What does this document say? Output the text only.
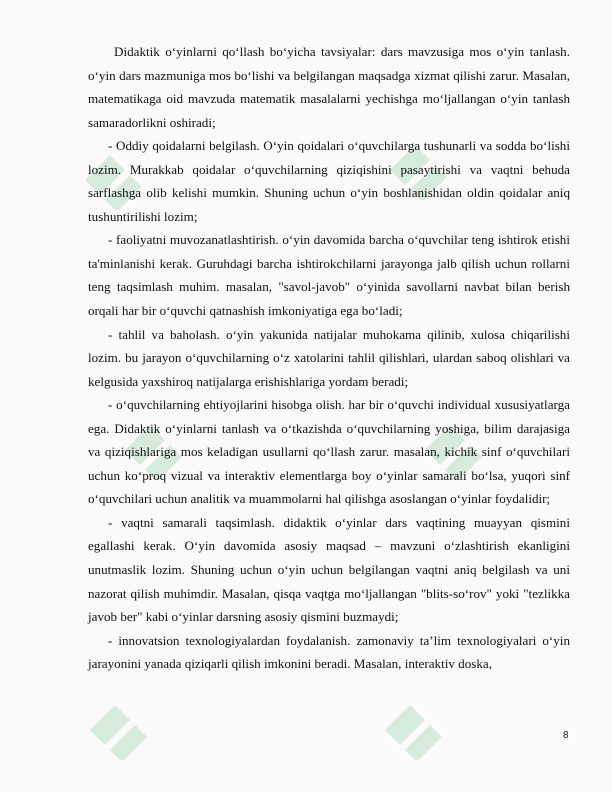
Didaktik o‘yinlarni qo‘llash bo‘yicha tavsiyalar: dars mavzusiga mos o‘yin tanlash. o‘yin dars mazmuniga mos bo‘lishi va belgilangan maqsadga xizmat qilishi zarur. Masalan, matematikaga oid mavzuda matematik masalalarni yechishga mo‘ljallangan o‘yin tanlash samaradorlikni oshiradi;

- Oddiy qoidalarni belgilash. O‘yin qoidalari o‘quvchilarga tushunarli va sodda bo‘lishi lozim. Murakkab qoidalar o‘quvchilarning qiziqishini pasaytirishi va vaqtni behuda sarflashga olib kelishi mumkin. Shuning uchun o‘yin boshlanishidan oldin qoidalar aniq tushuntirilishi lozim;

- faoliyatni muvozanatlashtirish. o‘yin davomida barcha o‘quvchilar teng ishtirok etishi ta'minlanishi kerak. Guruhdagi barcha ishtirokchilarni jarayonga jalb qilish uchun rollarni teng taqsimlash muhim. masalan, "savol-javob" o‘yinida savollarni navbat bilan berish orqali har bir o‘quvchi qatnashish imkoniyatiga ega bo‘ladi;

- tahlil va baholash. o‘yin yakunida natijalar muhokama qilinib, xulosa chiqarilishi lozim. bu jarayon o‘quvchilarning o‘z xatolarini tahlil qilishlari, ulardan saboq olishlari va kelgusida yaxshiroq natijalarga erishishlariga yordam beradi;

- o‘quvchilarning ehtiyojlarini hisobga olish. har bir o‘quvchi individual xususiyatlarga ega. Didaktik o‘yinlarni tanlash va o‘tkazishda o‘quvchilarning yoshiga, bilim darajasiga va qiziqishlariga mos keladigan usullarni qo‘llash zarur. masalan, kichik sinf o‘quvchilari uchun ko‘proq vizual va interaktiv elementlarga boy o‘yinlar samarali bo‘lsa, yuqori sinf o‘quvchilari uchun analitik va muammolarni hal qilishga asoslangan o‘yinlar foydalidir;

- vaqtni samarali taqsimlash. didaktik o‘yinlar dars vaqtining muayyan qismini egallashi kerak. O‘yin davomida asosiy maqsad – mavzuni o‘zlashtirish ekanligini unutmaslik lozim. Shuning uchun o‘yin uchun belgilangan vaqtni aniq belgilash va uni nazorat qilish muhimdir. Masalan, qisqa vaqtga mo‘ljallangan "blits-so‘rov" yoki "tezlikka javob ber" kabi o‘yinlar darsning asosiy qismini buzmaydi;

- innovatsion texnologiyalardan foydalanish. zamonaviy ta’lim texnologiyalari o‘yin jarayonini yanada qiziqarli qilish imkonini beradi. Masalan, interaktiv doska,

8
